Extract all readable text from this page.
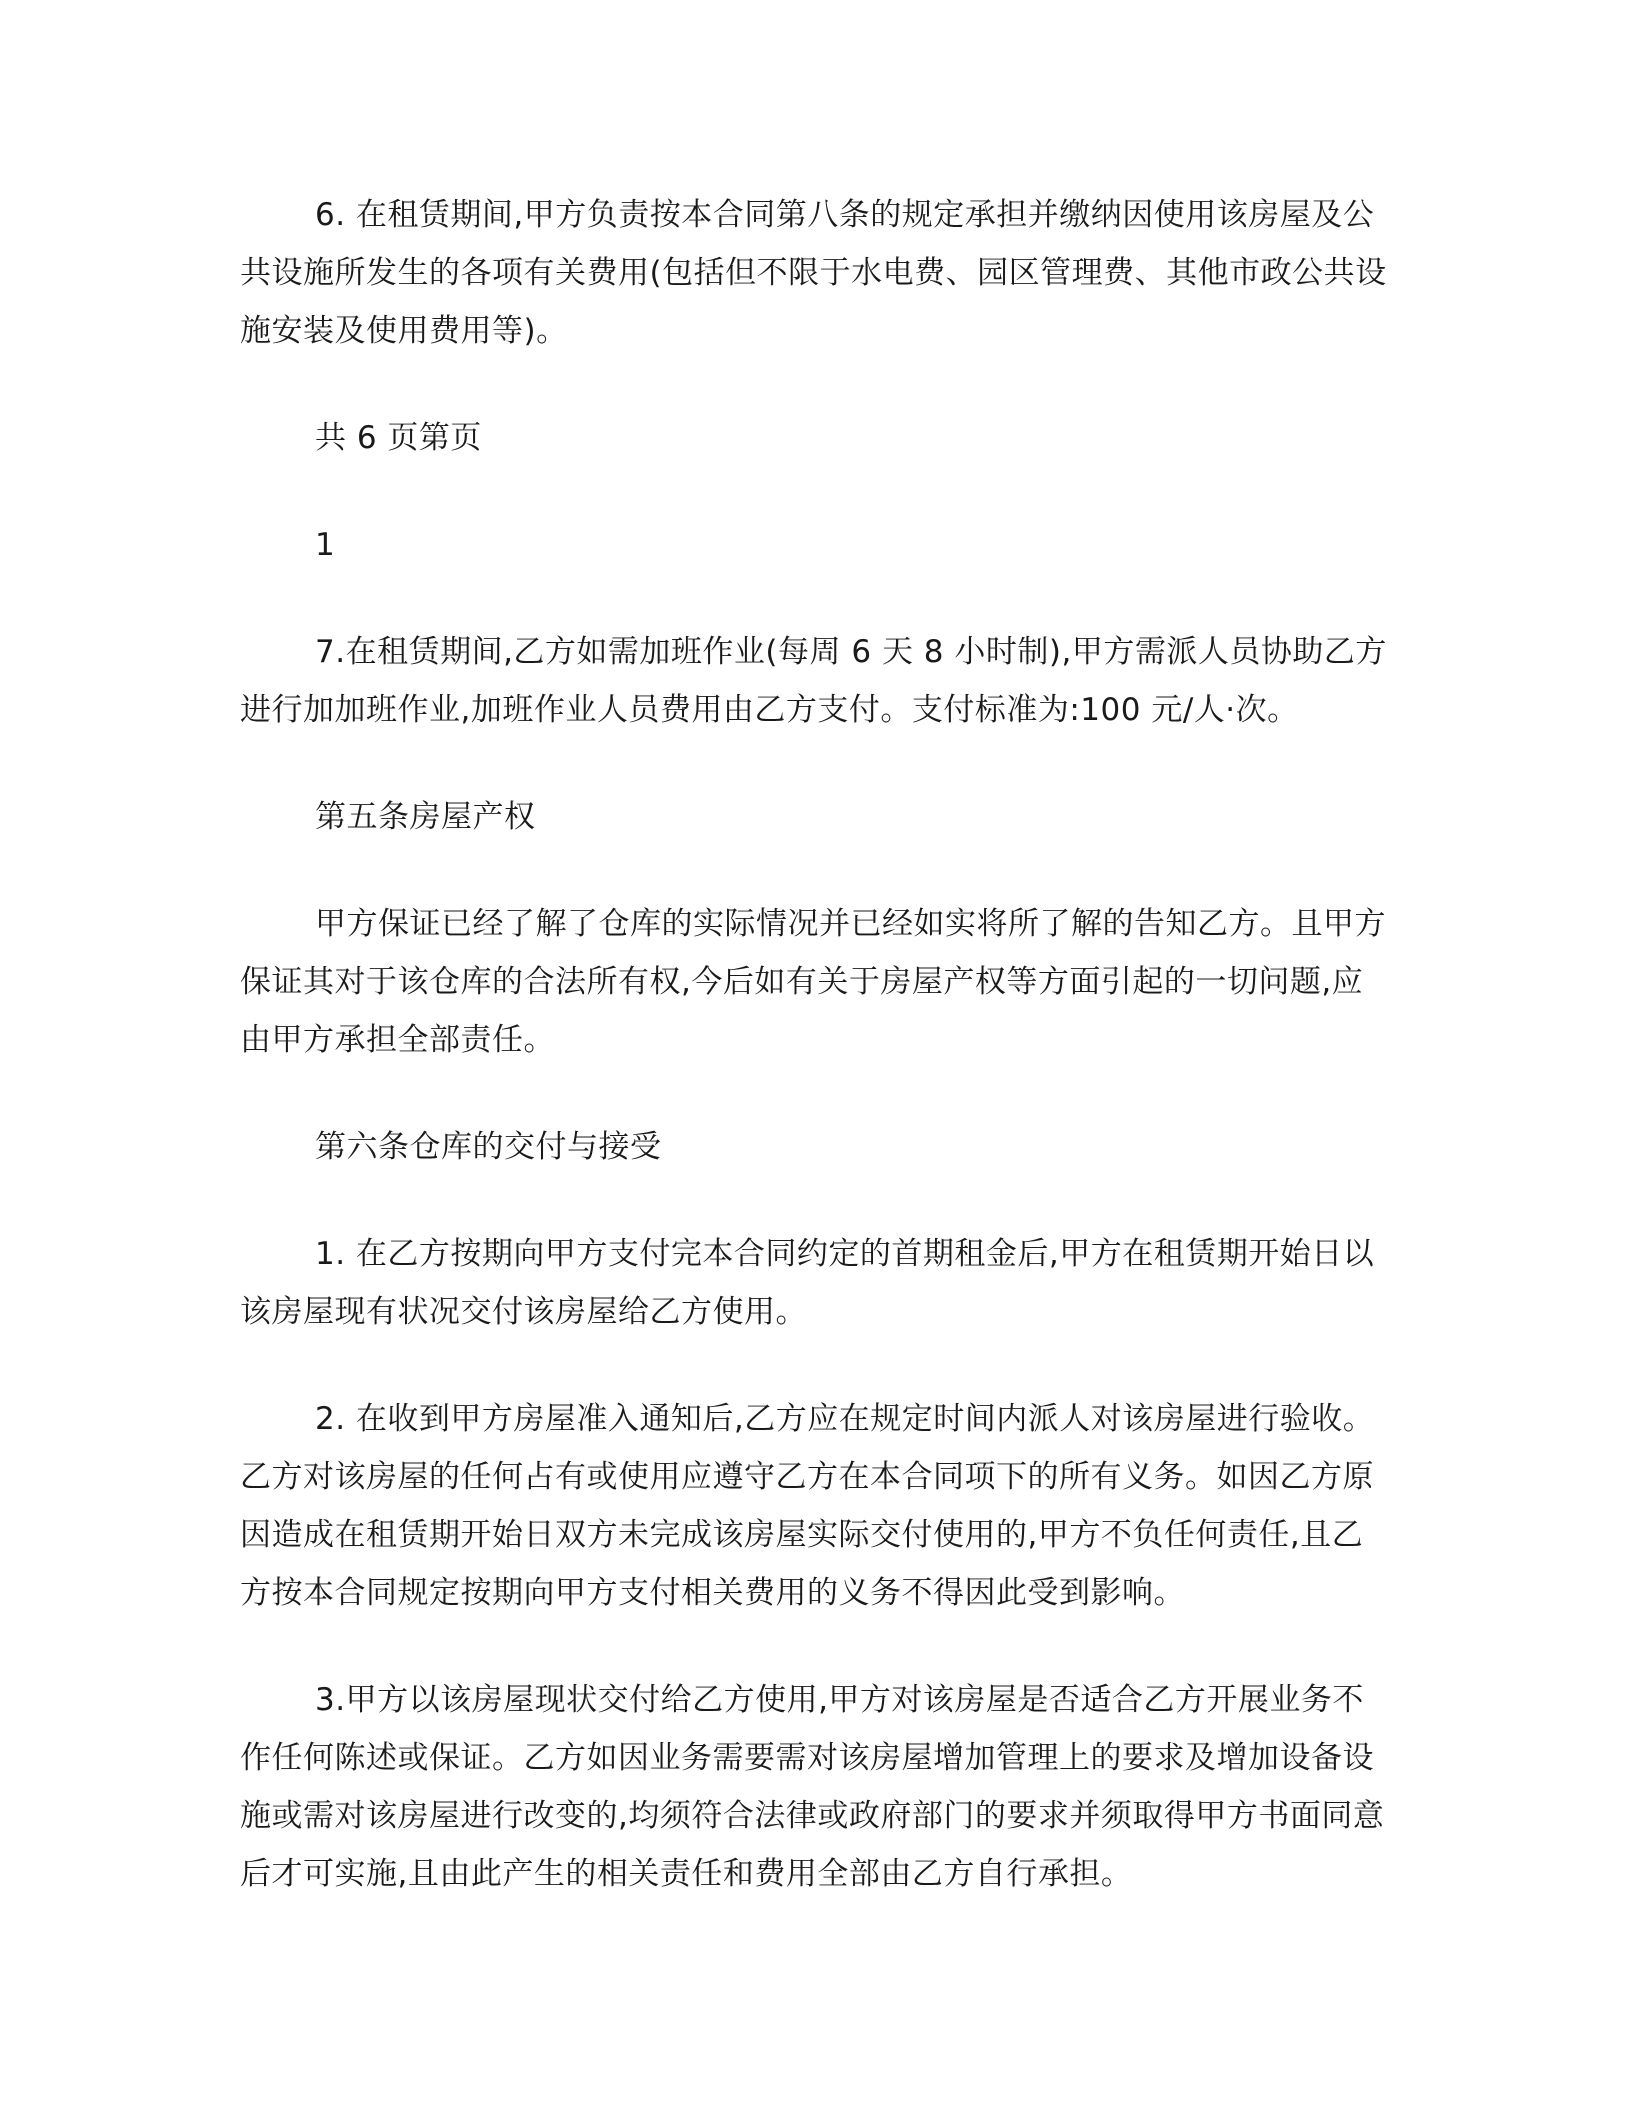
6. 在租赁期间,甲方负责按本合同第八条的规定承担并缴纳因使用该房屋及公共设施所发生的各项有关费用(包括但不限于水电费、园区管理费、其他市政公共设施安装及使用费用等)。

共 6 页第页

1

7.在租赁期间,乙方如需加班作业(每周 6 天 8 小时制),甲方需派人员协助乙方进行加加班作业,加班作业人员费用由乙方支付。支付标准为:100 元/人·次。

第五条房屋产权

甲方保证已经了解了仓库的实际情况并已经如实将所了解的告知乙方。且甲方保证其对于该仓库的合法所有权,今后如有关于房屋产权等方面引起的一切问题,应由甲方承担全部责任。

第六条仓库的交付与接受

1. 在乙方按期向甲方支付完本合同约定的首期租金后,甲方在租赁期开始日以该房屋现有状况交付该房屋给乙方使用。

2. 在收到甲方房屋准入通知后,乙方应在规定时间内派人对该房屋进行验收。乙方对该房屋的任何占有或使用应遵守乙方在本合同项下的所有义务。如因乙方原因造成在租赁期开始日双方未完成该房屋实际交付使用的,甲方不负任何责任,且乙方按本合同规定按期向甲方支付相关费用的义务不得因此受到影响。

3.甲方以该房屋现状交付给乙方使用,甲方对该房屋是否适合乙方开展业务不作任何陈述或保证。乙方如因业务需要需对该房屋增加管理上的要求及增加设备设施或需对该房屋进行改变的,均须符合法律或政府部门的要求并须取得甲方书面同意后才可实施,且由此产生的相关责任和费用全部由乙方自行承担。
